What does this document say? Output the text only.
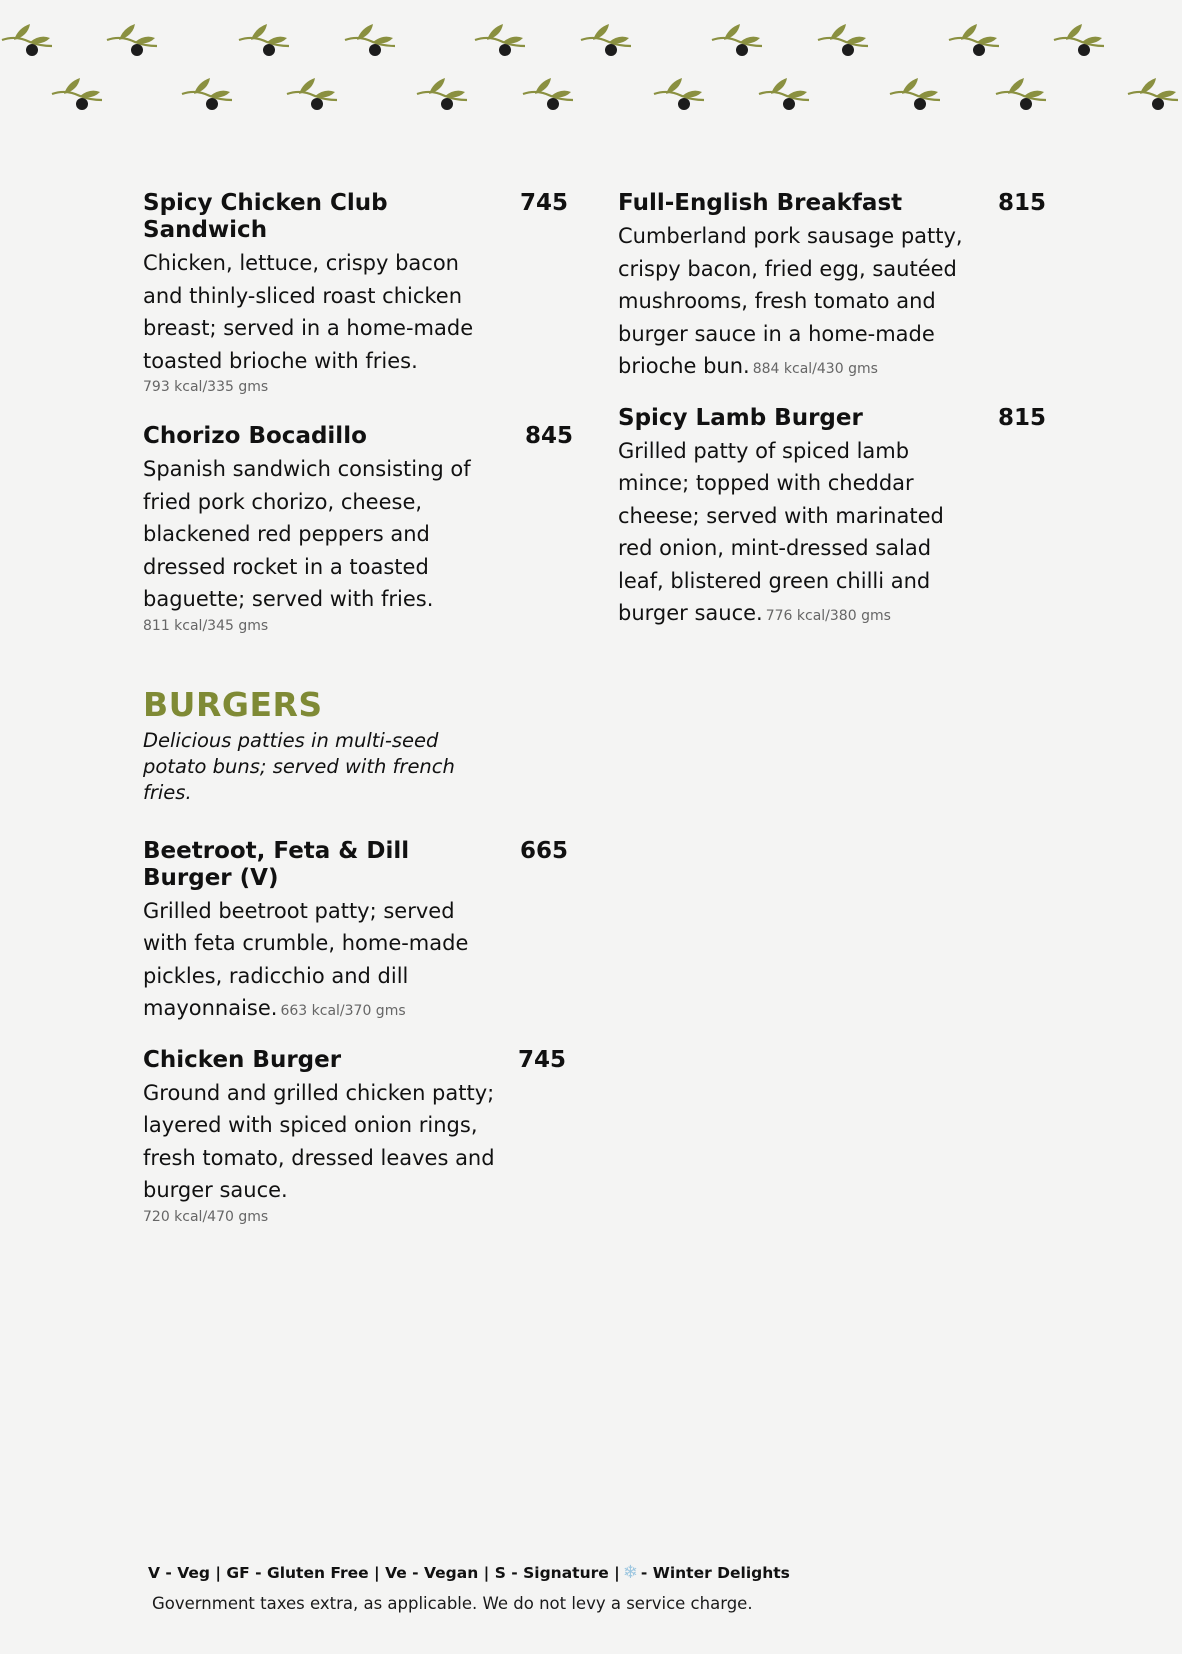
Spicy Chicken Club Sandwich
745
Chicken, lettuce, crispy bacon and thinly-sliced roast chicken breast; served in a home-made toasted brioche with fries.
793 kcal/335 gms
Chorizo Bocadillo	845
Spanish sandwich consisting of fried pork chorizo, cheese, blackened red peppers and dressed rocket in a toasted baguette; served with fries.
811 kcal/345 gms
BURGERS
Delicious patties in multi-seed potato buns; served with french fries.
Beetroot, Feta & Dill Burger (V)
665
Grilled beetroot patty; served with feta crumble, home-made pickles, radicchio and dill mayonnaise. 663 kcal/370 gms
Chicken Burger	745
Ground and grilled chicken patty; layered with spiced onion rings, fresh tomato, dressed leaves and burger sauce.
720 kcal/470 gms
Full-English Breakfast	815
Cumberland pork sausage patty, crispy bacon, fried egg, sautéed mushrooms, fresh tomato and burger sauce in a home-made brioche bun. 884 kcal/430 gms
Spicy Lamb Burger	815
Grilled patty of spiced lamb mince; topped with cheddar cheese; served with marinated red onion, mint-dressed salad leaf, blistered green chilli and burger sauce. 776 kcal/380 gms
V - Veg | GF - Gluten Free | Ve - Vegan | S - Signature | ❄ - Winter Delights
Government taxes extra, as applicable. We do not levy a service charge.
